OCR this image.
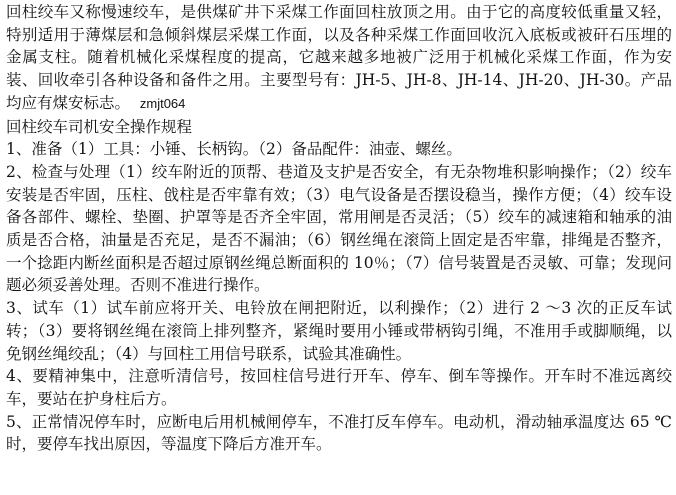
回柱绞车又称慢速绞车，是供煤矿井下采煤工作面回柱放顶之用。由于它的高度较低重量又轻，特别适用于薄煤层和急倾斜煤层采煤工作面，以及各种采煤工作面回收沉入底板或被矸石压埋的金属支柱。随着机械化采煤程度的提高，它越来越多地被广泛用于机械化采煤工作面，作为安装、回收牵引各种设备和备件之用。主要型号有：JH-5、JH-8、JH-14、JH-20、JH-30。产品均应有煤安标志。 zmjt064

回柱绞车司机安全操作规程

1、准备（1）工具：小锤、长柄钩。（2）备品配件：油壶、螺丝。

2、检查与处理（1）绞车附近的顶帮、巷道及支护是否安全，有无杂物堆积影响操作；（2）绞车安装是否牢固，压柱、戗柱是否牢靠有效；（3）电气设备是否摆设稳当，操作方便；（4）绞车设备各部件、螺栓、垫圈、护罩等是否齐全牢固，常用闸是否灵活；（5）绞车的减速箱和轴承的油质是否合格，油量是否充足，是否不漏油；（6）钢丝绳在滚筒上固定是否牢靠，排绳是否整齐，一个捻距内断丝面积是否超过原钢丝绳总断面积的 10％；（7）信号装置是否灵敏、可靠；发现问题必须妥善处理。否则不准进行操作。

3、试车（1）试车前应将开关、电铃放在闸把附近，以利操作；（2）进行 2 ～3 次的正反车试转；（3）要将钢丝绳在滚筒上排列整齐，紧绳时要用小锤或带柄钩引绳，不准用手或脚顺绳，以免钢丝绳绞乱；（4）与回柱工用信号联系，试验其准确性。

4、要精神集中，注意听清信号，按回柱信号进行开车、停车、倒车等操作。开车时不准远离绞车，要站在护身柱后方。

5、正常情况停车时，应断电后用机械闸停车，不准打反车停车。电动机，滑动轴承温度达 65 ℃时，要停车找出原因，等温度下降后方准开车。
